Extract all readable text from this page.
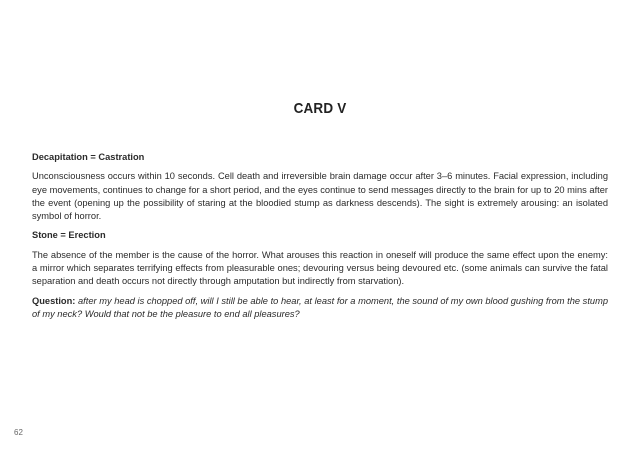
CARD V

Decapitation = Castration

Unconsciousness occurs within 10 seconds. Cell death and irreversible brain damage occur after 3–6 minutes. Facial expression, including eye movements, continues to change for a short period, and the eyes continue to send messages directly to the brain for up to 20 mins after the event (opening up the possibility of staring at the bloodied stump as darkness descends). The sight is extremely arousing: an isolated symbol of horror.

Stone = Erection

The absence of the member is the cause of the horror. What arouses this reaction in oneself will produce the same effect upon the enemy: a mirror which separates terrifying effects from pleasurable ones; devouring versus being devoured etc. (some animals can survive the fatal separation and death occurs not directly through amputation but indirectly from starvation).

Question: after my head is chopped off, will I still be able to hear, at least for a moment, the sound of my own blood gushing from the stump of my neck? Would that not be the pleasure to end all pleasures?

62
